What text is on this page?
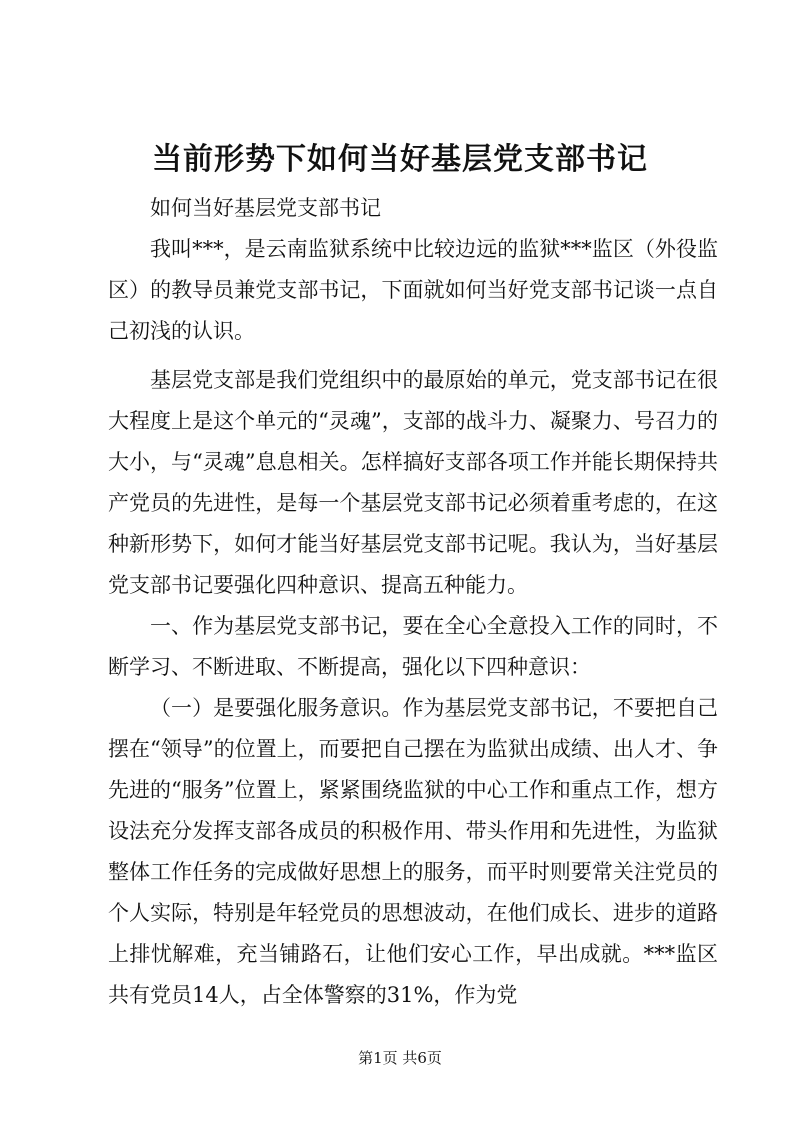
当前形势下如何当好基层党支部书记

如何当好基层党支部书记

我叫***，是云南监狱系统中比较边远的监狱***监区（外役监区）的教导员兼党支部书记，下面就如何当好党支部书记谈一点自己初浅的认识。

基层党支部是我们党组织中的最原始的单元，党支部书记在很大程度上是这个单元的“灵魂”，支部的战斗力、凝聚力、号召力的大小，与“灵魂”息息相关。怎样搞好支部各项工作并能长期保持共产党员的先进性，是每一个基层党支部书记必须着重考虑的，在这种新形势下，如何才能当好基层党支部书记呢。我认为，当好基层党支部书记要强化四种意识、提高五种能力。

一、作为基层党支部书记，要在全心全意投入工作的同时，不断学习、不断进取、不断提高，强化以下四种意识：

（一）是要强化服务意识。作为基层党支部书记，不要把自己摆在“领导”的位置上，而要把自己摆在为监狱出成绩、出人才、争先进的“服务”位置上，紧紧围绕监狱的中心工作和重点工作，想方设法充分发挥支部各成员的积极作用、带头作用和先进性，为监狱整体工作任务的完成做好思想上的服务，而平时则要常关注党员的个人实际，特别是年轻党员的思想波动，在他们成长、进步的道路上排忧解难，充当铺路石，让他们安心工作，早出成就。***监区共有党员14人，占全体警察的31%，作为党

第1页 共6页
